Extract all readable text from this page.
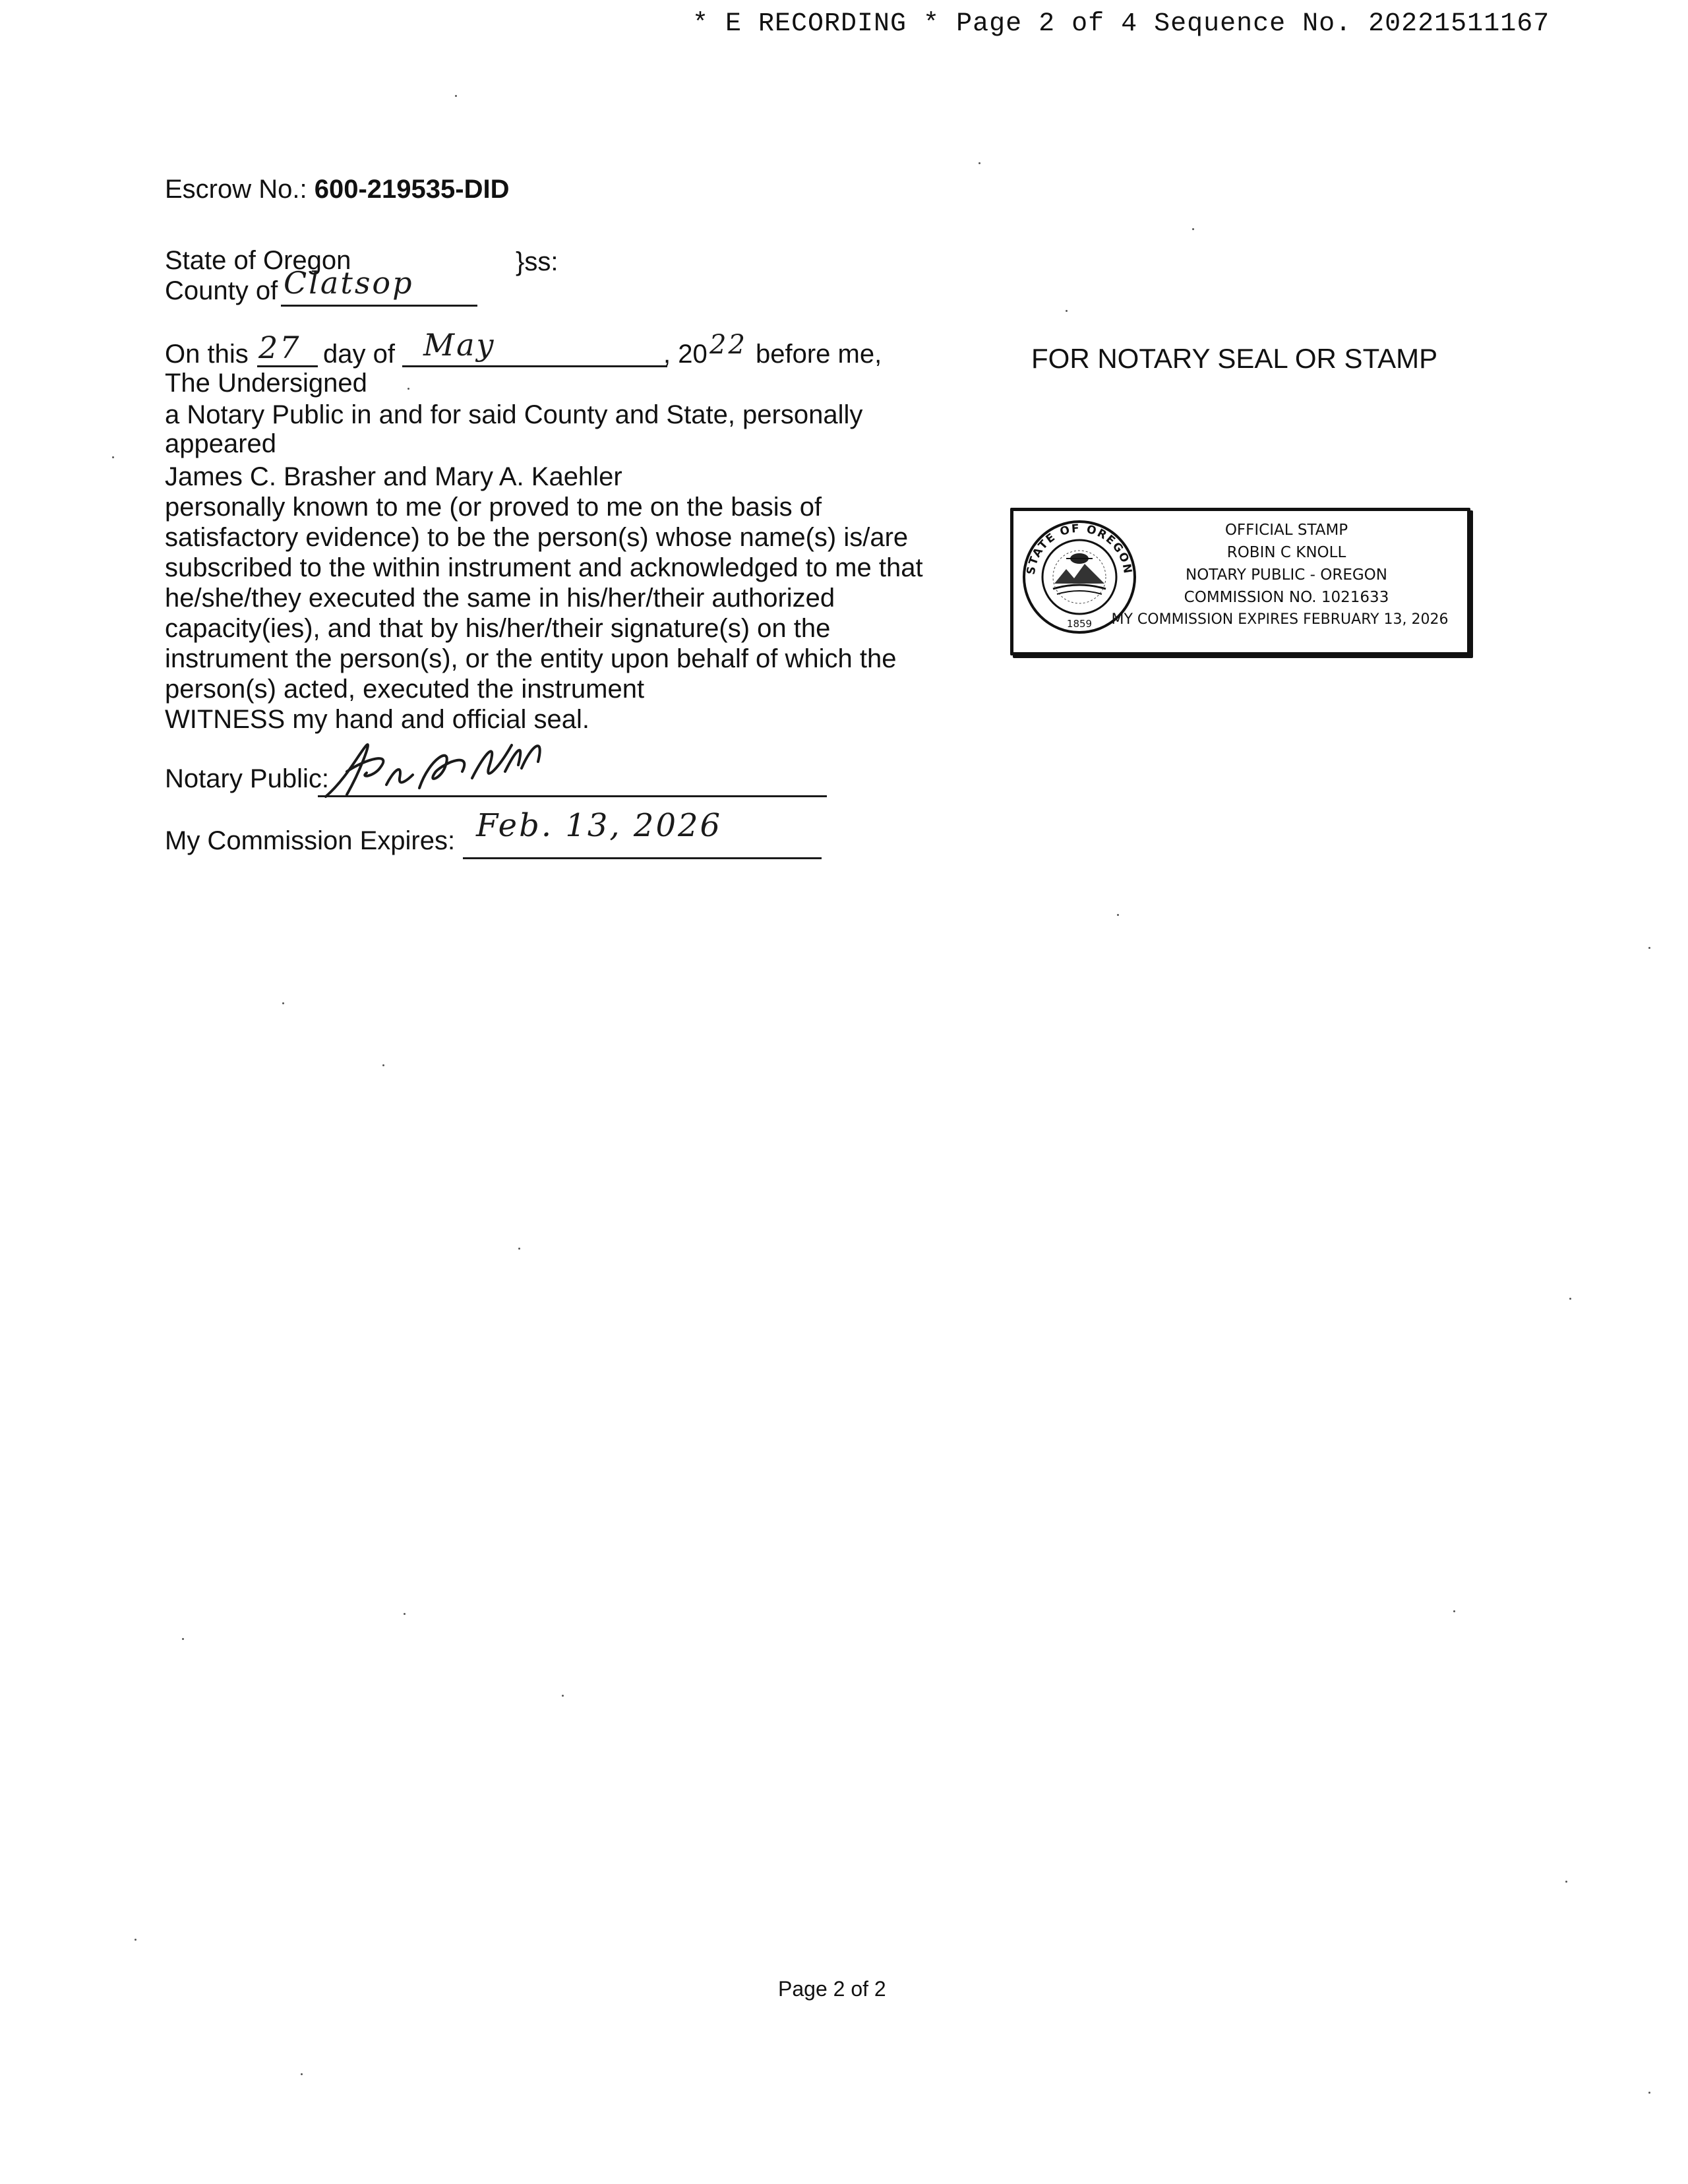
* E RECORDING * Page 2 of 4 Sequence No. 20221511167
Escrow No.: 600-219535-DID
State of Oregon	}ss:
County of Clatsop
On this 27 day of May	, 20 22 before me,
The Undersigned
a Notary Public in and for said County and State, personally
appeared
James C. Brasher and Mary A. Kaehler
personally known to me (or proved to me on the basis of
satisfactory evidence) to be the person(s) whose name(s) is/are
subscribed to the within instrument and acknowledged to me that
he/she/they executed the same in his/her/their authorized
capacity(ies), and that by his/her/their signature(s) on the
instrument the person(s), or the entity upon behalf of which the
person(s) acted, executed the instrument
WITNESS my hand and official seal.
Notary Public:
My Commission Expires: Feb. 13, 2026
FOR NOTARY SEAL OR STAMP
STATE OF OREGON
1859
OFFICIAL STAMP
ROBIN C KNOLL
NOTARY PUBLIC - OREGON
COMMISSION NO. 1021633
MY COMMISSION EXPIRES FEBRUARY 13, 2026
Page 2 of 2
